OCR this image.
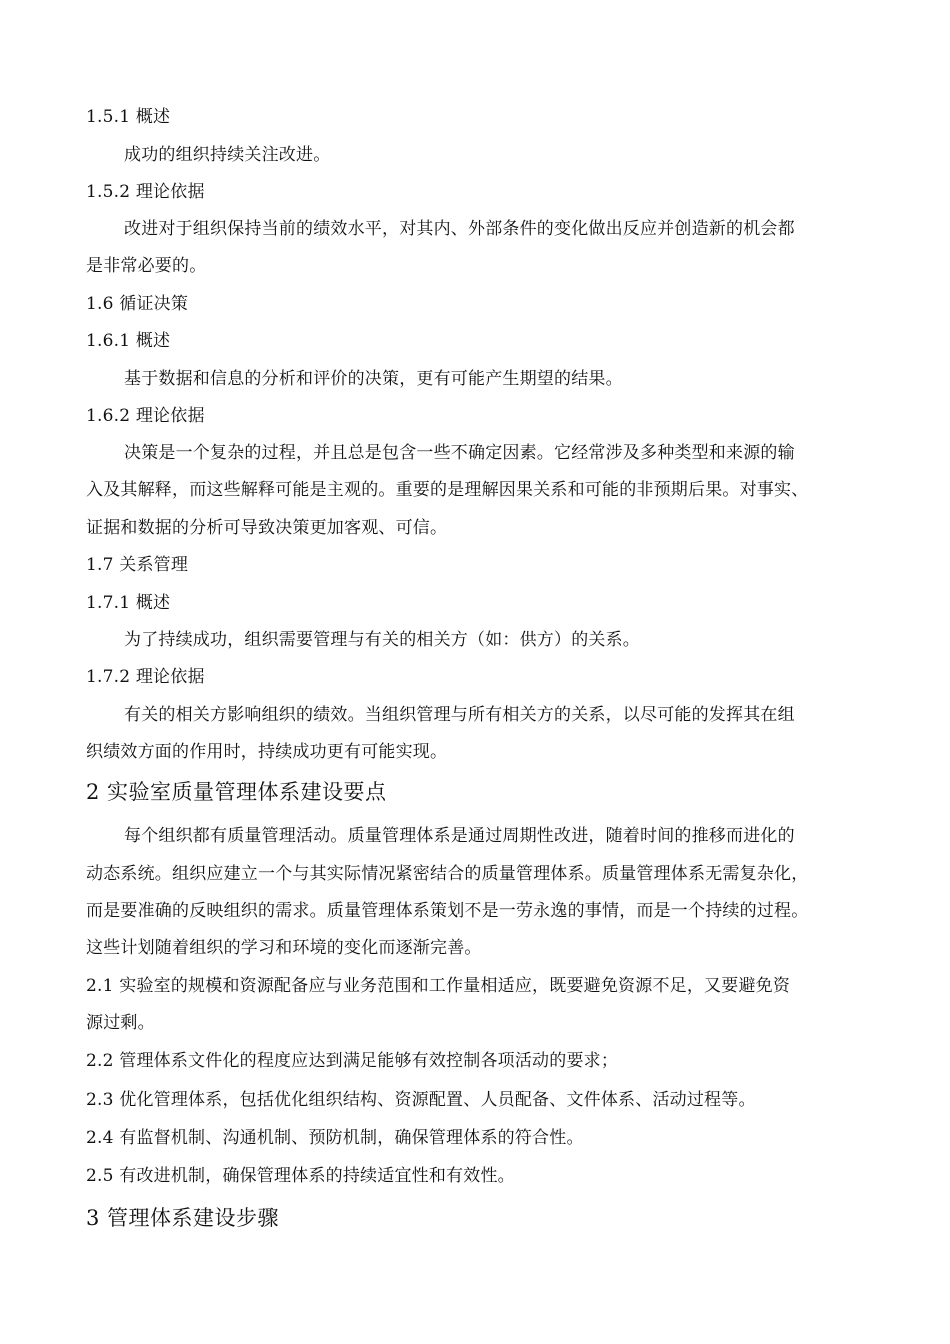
1.5.1 概述
成功的组织持续关注改进。
1.5.2 理论依据
改进对于组织保持当前的绩效水平，对其内、外部条件的变化做出反应并创造新的机会都
是非常必要的。
1.6 循证决策
1.6.1 概述
基于数据和信息的分析和评价的决策，更有可能产生期望的结果。
1.6.2 理论依据
决策是一个复杂的过程，并且总是包含一些不确定因素。它经常涉及多种类型和来源的输
入及其解释，而这些解释可能是主观的。重要的是理解因果关系和可能的非预期后果。对事实、
证据和数据的分析可导致决策更加客观、可信。
1.7 关系管理
1.7.1 概述
为了持续成功，组织需要管理与有关的相关方（如：供方）的关系。
1.7.2 理论依据
有关的相关方影响组织的绩效。当组织管理与所有相关方的关系，以尽可能的发挥其在组
织绩效方面的作用时，持续成功更有可能实现。
2 实验室质量管理体系建设要点
每个组织都有质量管理活动。质量管理体系是通过周期性改进，随着时间的推移而进化的
动态系统。组织应建立一个与其实际情况紧密结合的质量管理体系。质量管理体系无需复杂化，
而是要准确的反映组织的需求。质量管理体系策划不是一劳永逸的事情，而是一个持续的过程。
这些计划随着组织的学习和环境的变化而逐渐完善。
2.1 实验室的规模和资源配备应与业务范围和工作量相适应，既要避免资源不足，又要避免资
源过剩。
2.2 管理体系文件化的程度应达到满足能够有效控制各项活动的要求；
2.3 优化管理体系，包括优化组织结构、资源配置、人员配备、文件体系、活动过程等。
2.4 有监督机制、沟通机制、预防机制，确保管理体系的符合性。
2.5 有改进机制，确保管理体系的持续适宜性和有效性。
3 管理体系建设步骤
